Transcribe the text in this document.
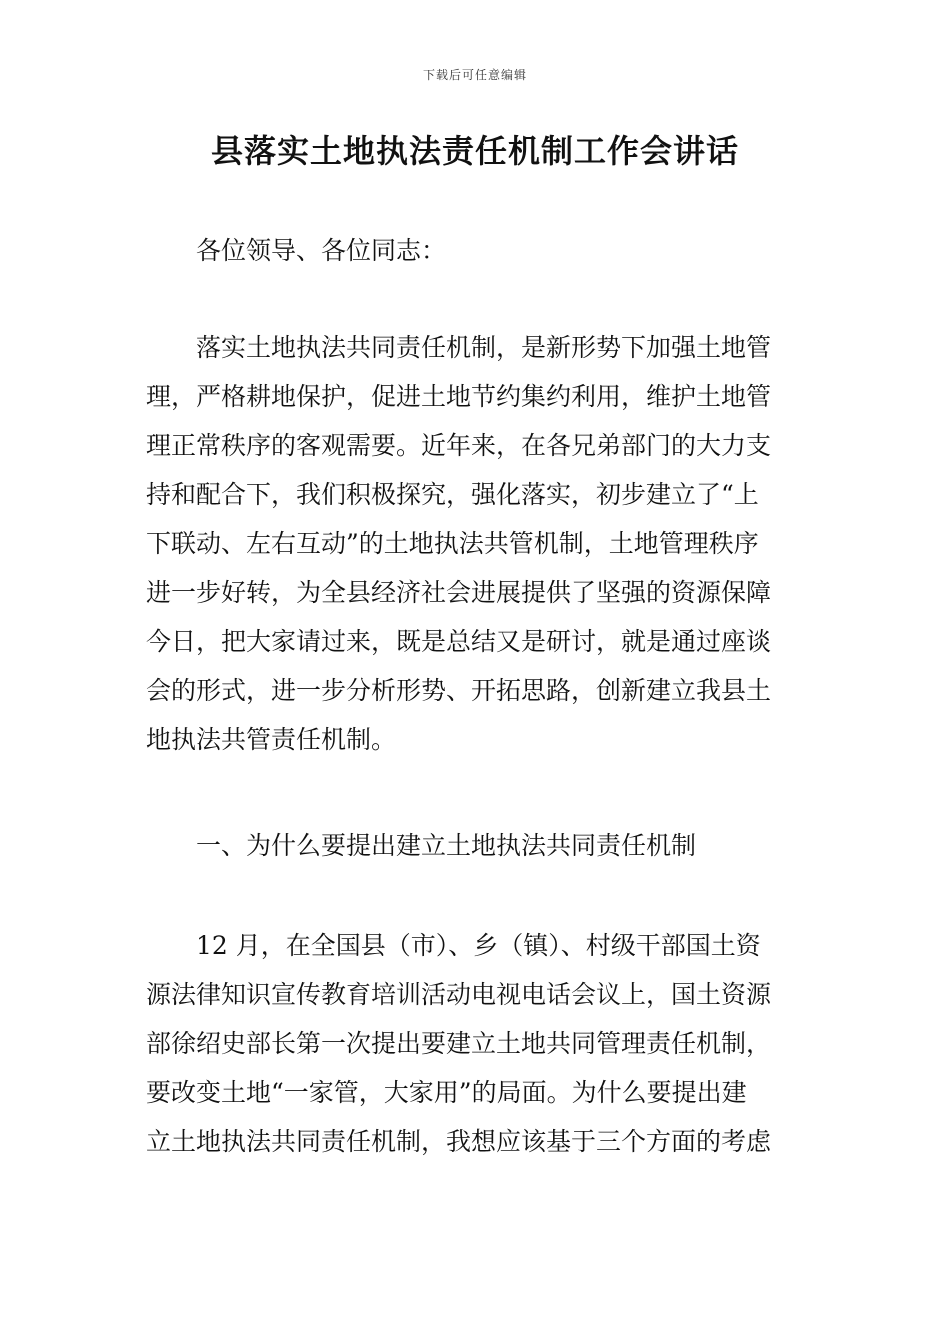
下载后可任意编辑
县落实土地执法责任机制工作会讲话

各位领导、各位同志：

落实土地执法共同责任机制，是新形势下加强土地管
理，严格耕地保护，促进土地节约集约利用，维护土地管
理正常秩序的客观需要。近年来，在各兄弟部门的大力支
持和配合下，我们积极探究，强化落实，初步建立了“上
下联动、左右互动”的土地执法共管机制，土地管理秩序
进一步好转，为全县经济社会进展提供了坚强的资源保障
今日，把大家请过来，既是总结又是研讨，就是通过座谈
会的形式，进一步分析形势、开拓思路，创新建立我县土
地执法共管责任机制。

一、为什么要提出建立土地执法共同责任机制

12 月，在全国县（市）、乡（镇）、村级干部国土资
源法律知识宣传教育培训活动电视电话会议上，国土资源
部徐绍史部长第一次提出要建立土地共同管理责任机制，
要改变土地“一家管，大家用”的局面。为什么要提出建
立土地执法共同责任机制，我想应该基于三个方面的考虑
